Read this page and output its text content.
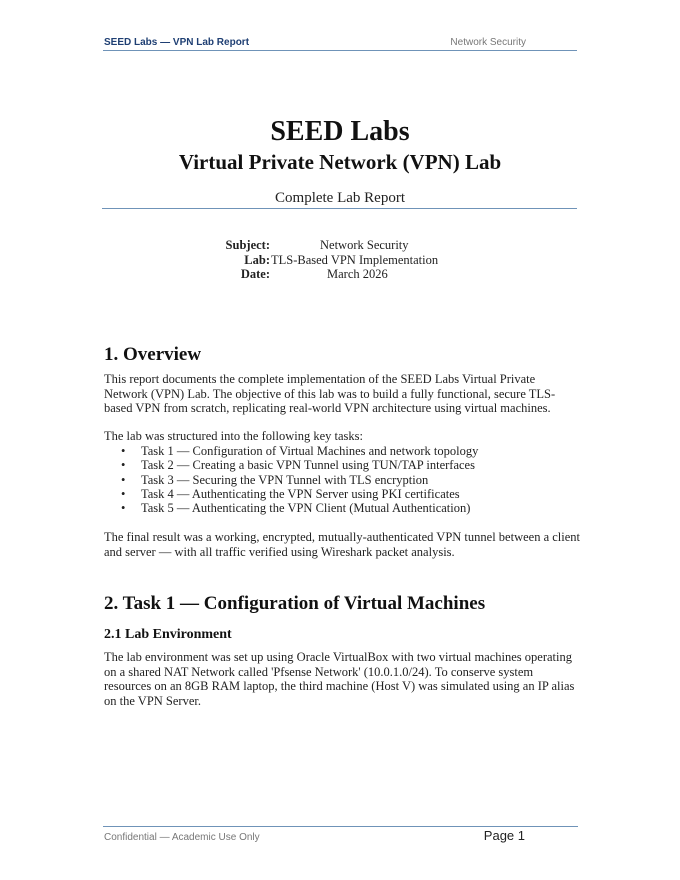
SEED Labs — VPN Lab Report	Network Security
SEED Labs
Virtual Private Network (VPN) Lab
Complete Lab Report
Subject:	Network Security
Lab: TLS-Based VPN Implementation
Date:	March 2026
1. Overview

This report documents the complete implementation of the SEED Labs Virtual Private Network (VPN) Lab. The objective of this lab was to build a fully functional, secure TLS-based VPN from scratch, replicating real-world VPN architecture using virtual machines.

The lab was structured into the following key tasks:

• Task 1 — Configuration of Virtual Machines and network topology
• Task 2 — Creating a basic VPN Tunnel using TUN/TAP interfaces
• Task 3 — Securing the VPN Tunnel with TLS encryption
• Task 4 — Authenticating the VPN Server using PKI certificates
• Task 5 — Authenticating the VPN Client (Mutual Authentication)

The final result was a working, encrypted, mutually-authenticated VPN tunnel between a client and server — with all traffic verified using Wireshark packet analysis.

2. Task 1 — Configuration of Virtual Machines
2.1 Lab Environment

The lab environment was set up using Oracle VirtualBox with two virtual machines operating on a shared NAT Network called 'Pfsense Network' (10.0.1.0/24). To conserve system resources on an 8GB RAM laptop, the third machine (Host V) was simulated using an IP alias on the VPN Server.

Confidential — Academic Use Only	Page 1
